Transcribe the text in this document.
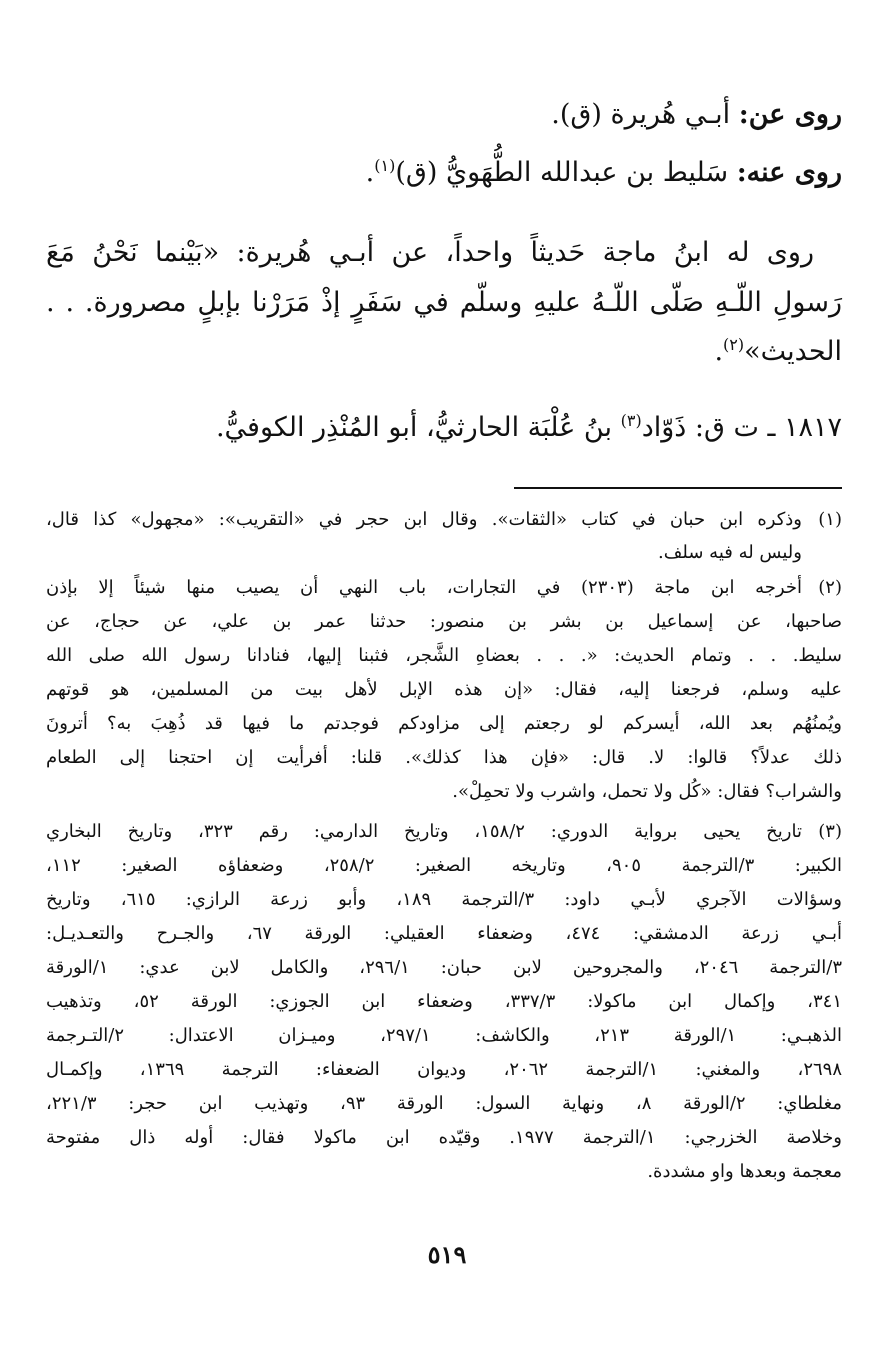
روى عن: أبـي هُريرة (ق).
روى عنه: سَليط بن عبدالله الطُّهَويُّ (ق)$^{(١)}$.
روى له ابنُ ماجة حَديثاً واحداً، عن أبـي هُريرة: «بَيْنما نَحْنُ مَعَ
رَسولِ اللّـهِ صَلّى اللّـهُ عليهِ وسلّم في سَفَرٍ إذْ مَرَرْنا بإبلٍ مصرورة. . .
الحديث»$^{(٢)}$.
١٨١٧ ـ ت ق: ذَوّاد$^{(٣)}$ بنُ عُلْبَة الحارثيُّ، أبو المُنْذِر الكوفيُّ.
(١)
وذكره ابن حبان في كتاب «الثقات». وقال ابن حجر في «التقريب»: «مجهول» كذا قال،
وليس له فيه سلف.
(٢)
أخرجه ابن ماجة (٢٣٠٣) في التجارات، باب النهي أن يصيب منها شيئاً إلا بإذن
صاحبها، عن إسماعيل بن بشر بن منصور: حدثنا عمر بن علي، عن حجاج، عن
سليط. . . وتمام الحديث: «. . . بعضاهِ الشَّجر، فثبنا إليها، فنادانا رسول الله صلى الله
عليه وسلم، فرجعنا إليه، فقال: «إن هذه الإبل لأهل بيت من المسلمين، هو قوتهم
ويُمنُهُم بعد الله، أيسركم لو رجعتم إلى مزاودكم فوجدتم ما فيها قد ذُهِبَ به؟ أترونَ
ذلك عدلاً؟ قالوا: لا. قال: «فإن هذا كذلك». قلنا: أفرأيت إن احتجنا إلى الطعام
والشراب؟ فقال: «كُل ولا تحمل، واشرب ولا تحمِلْ».
(٣)
تاريخ يحيى برواية الدوري: ١٥٨/٢، وتاريخ الدارمي: رقم ٣٢٣، وتاريخ البخاري
الكبير: ٣/الترجمة ٩٠٥، وتاريخه الصغير: ٢٥٨/٢، وضعفاؤه الصغير: ١١٢،
وسؤالات الآجري لأبـي داود: ٣/الترجمة ١٨٩، وأبو زرعة الرازي: ٦١٥، وتاريخ
أبـي زرعة الدمشقي: ٤٧٤، وضعفاء العقيلي: الورقة ٦٧، والجـرح والتعـديـل:
٣/الترجمة ٢٠٤٦، والمجروحين لابن حبان: ٢٩٦/١، والكامل لابن عدي: ١/الورقة
٣٤١، وإكمال ابن ماكولا: ٣٣٧/٣، وضعفاء ابن الجوزي: الورقة ٥٢، وتذهيب
الذهبـي: ١/الورقة ٢١٣، والكاشف: ٢٩٧/١، وميـزان الاعتدال: ٢/التـرجمة
٢٦٩٨، والمغني: ١/الترجمة ٢٠٦٢، وديوان الضعفاء: الترجمة ١٣٦٩، وإكمـال
مغلطاي: ٢/الورقة ٨، ونهاية السول: الورقة ٩٣، وتهذيب ابن حجر: ٢٢١/٣،
وخلاصة الخزرجي: ١/الترجمة ١٩٧٧. وقيّده ابن ماكولا فقال: أوله ذال مفتوحة
معجمة وبعدها واو مشددة.
٥١٩
